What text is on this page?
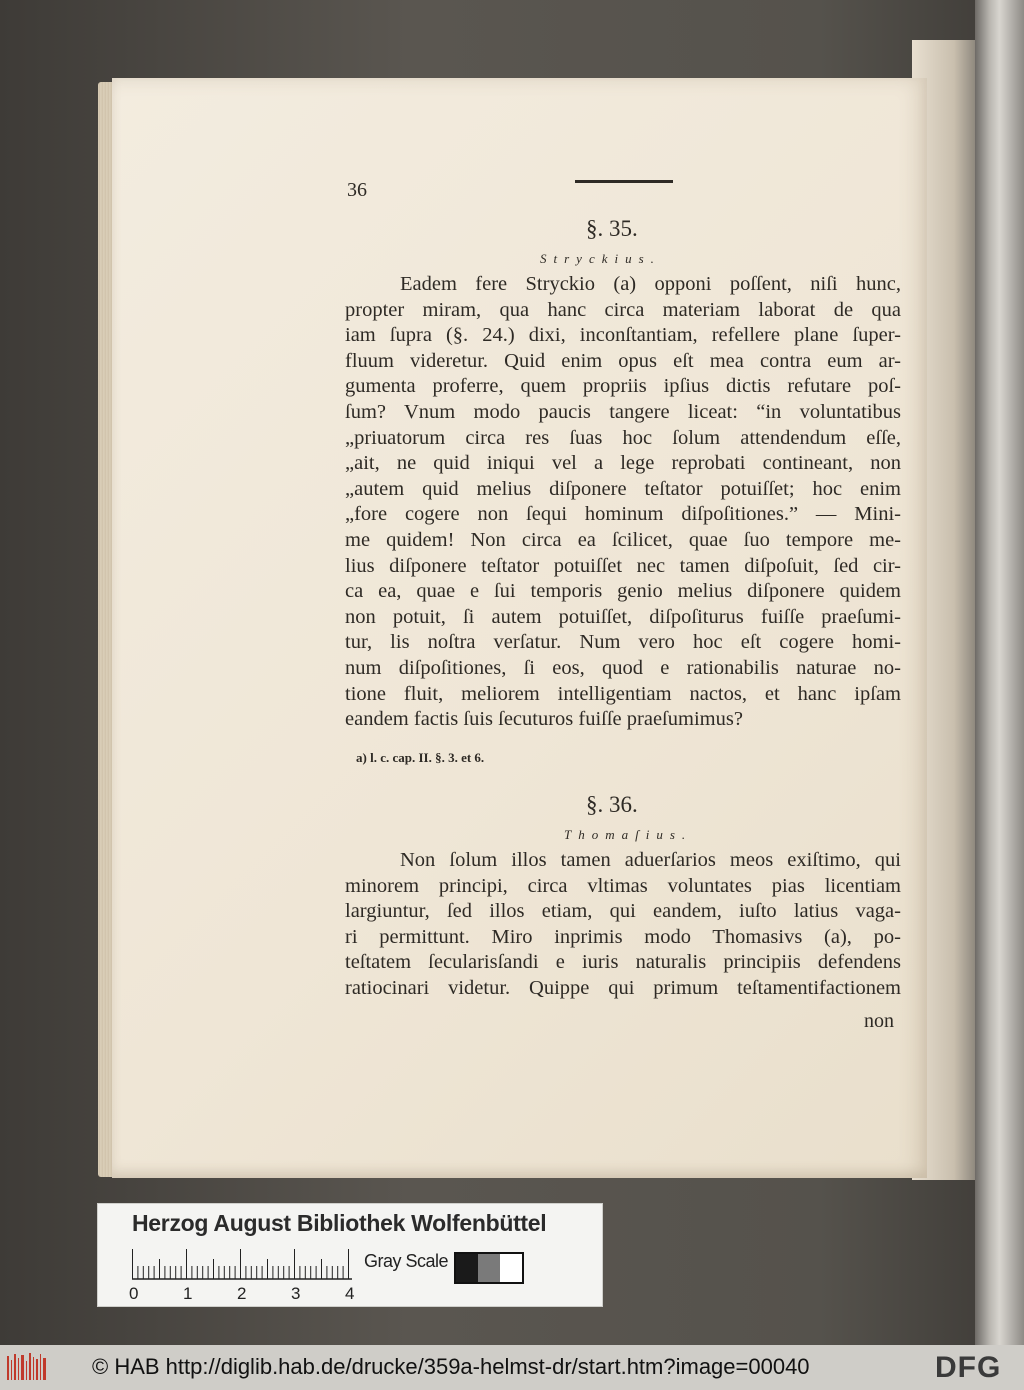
36
§. 35.
Stryckius.
Eadem fere Stryckio (a) opponi poſſent, niſi hunc,
propter miram, qua hanc circa materiam laborat de qua
iam ſupra (§. 24.) dixi, inconſtantiam, refellere plane ſuper-
fluum videretur. Quid enim opus eſt mea contra eum ar-
gumenta proferre, quem propriis ipſius dictis refutare poſ-
ſum? Vnum modo paucis tangere liceat: “in voluntatibus
„priuatorum circa res ſuas hoc ſolum attendendum eſſe,
„ait, ne quid iniqui vel a lege reprobati contineant, non
„autem quid melius diſponere teſtator potuiſſet; hoc enim
„fore cogere non ſequi hominum diſpoſitiones.” — Mini-
me quidem! Non circa ea ſcilicet, quae ſuo tempore me-
lius diſponere teſtator potuiſſet nec tamen diſpoſuit, ſed cir-
ca ea, quae e ſui temporis genio melius diſponere quidem
non potuit, ſi autem potuiſſet, diſpoſiturus fuiſſe praeſumi-
tur, lis noſtra verſatur. Num vero hoc eſt cogere homi-
num diſpoſitiones, ſi eos, quod e rationabilis naturae no-
tione fluit, meliorem intelligentiam nactos, et hanc ipſam
eandem factis ſuis ſecuturos fuiſſe praeſumimus?
a) l. c. cap. II. §. 3. et 6.
§. 36.
Thomaſius.
Non ſolum illos tamen aduerſarios meos exiſtimo, qui
minorem principi, circa vltimas voluntates pias licentiam
largiuntur, ſed illos etiam, qui eandem, iuſto latius vaga-
ri permittunt. Miro inprimis modo Thomasivs (a), po-
teſtatem ſecularisſandi e iuris naturalis principiis defendens
ratiocinari videtur. Quippe qui primum teſtamentifactionem
non
Herzog August Bibliothek Wolfenbüttel
0	1	2	3	4
Gray Scale
© HAB http://diglib.hab.de/drucke/359a-helmst-dr/start.htm?image=00040	DFG
